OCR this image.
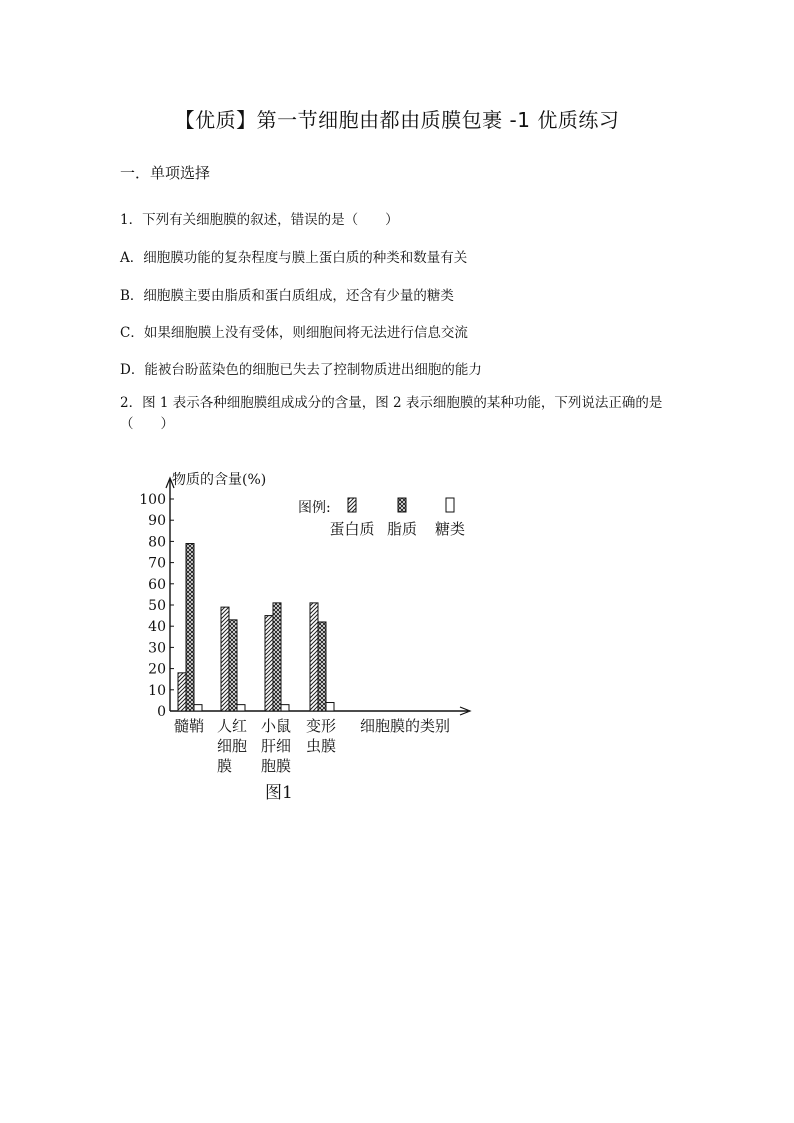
【优质】第一节细胞由都由质膜包裹 -1 优质练习
一．单项选择
1．下列有关细胞膜的叙述，错误的是（　　）
A．细胞膜功能的复杂程度与膜上蛋白质的种类和数量有关
B．细胞膜主要由脂质和蛋白质组成，还含有少量的糖类
C．如果细胞膜上没有受体，则细胞间将无法进行信息交流
D．能被台盼蓝染色的细胞已失去了控制物质进出细胞的能力
2．图 1 表示各种细胞膜组成成分的含量，图 2 表示细胞膜的某种功能，下列说法正确的是（　　）
物质的含量(%)
0
10
20
30
40
50
60
70
80
90
100
髓鞘 人红
细胞
膜
小鼠
肝细
胞膜
变形
虫膜
细胞膜的类别
图例:
蛋白质 脂质 糖类
图1
